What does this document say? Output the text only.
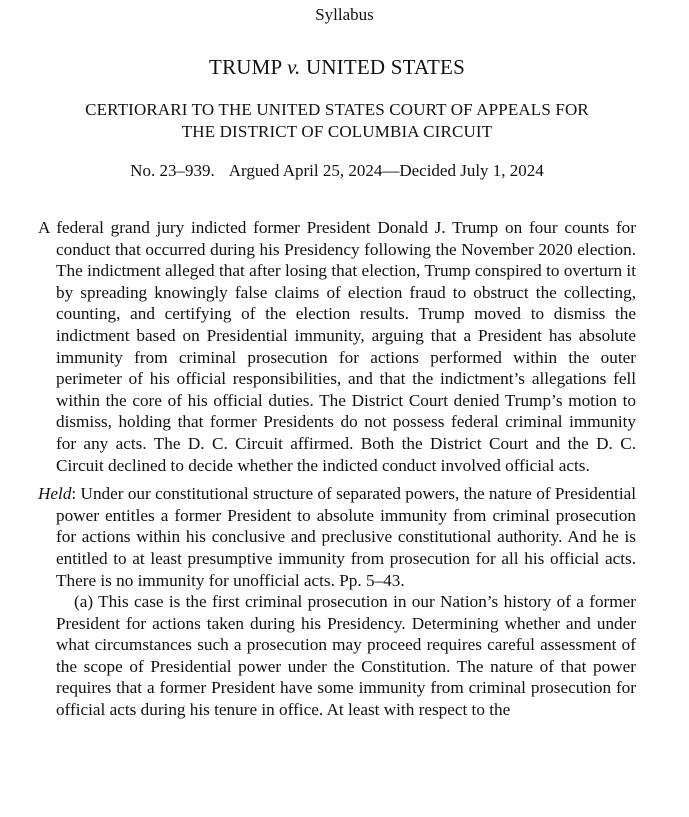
Syllabus
TRUMP v. UNITED STATES
CERTIORARI TO THE UNITED STATES COURT OF APPEALS FOR
THE DISTRICT OF COLUMBIA CIRCUIT
No. 23–939. Argued April 25, 2024—Decided July 1, 2024

A federal grand jury indicted former President Donald J. Trump on four counts for conduct that occurred during his Presidency following the November 2020 election. The indictment alleged that after losing that election, Trump conspired to overturn it by spreading knowingly false claims of election fraud to obstruct the collecting, counting, and certifying of the election results. Trump moved to dismiss the indictment based on Presidential immunity, arguing that a President has absolute immunity from criminal prosecution for actions performed within the outer perimeter of his official responsibilities, and that the indictment’s allegations fell within the core of his official duties. The District Court denied Trump’s motion to dismiss, holding that former Presidents do not possess federal criminal immunity for any acts. The D. C. Circuit affirmed. Both the District Court and the D. C. Circuit declined to decide whether the indicted conduct involved official acts.

Held: Under our constitutional structure of separated powers, the nature of Presidential power entitles a former President to absolute immunity from criminal prosecution for actions within his conclusive and preclusive constitutional authority. And he is entitled to at least presumptive immunity from prosecution for all his official acts. There is no immunity for unofficial acts. Pp. 5–43.

(a) This case is the first criminal prosecution in our Nation’s history of a former President for actions taken during his Presidency. Determining whether and under what circumstances such a prosecution may proceed requires careful assessment of the scope of Presidential power under the Constitution. The nature of that power requires that a former President have some immunity from criminal prosecution for official acts during his tenure in office. At least with respect to the
